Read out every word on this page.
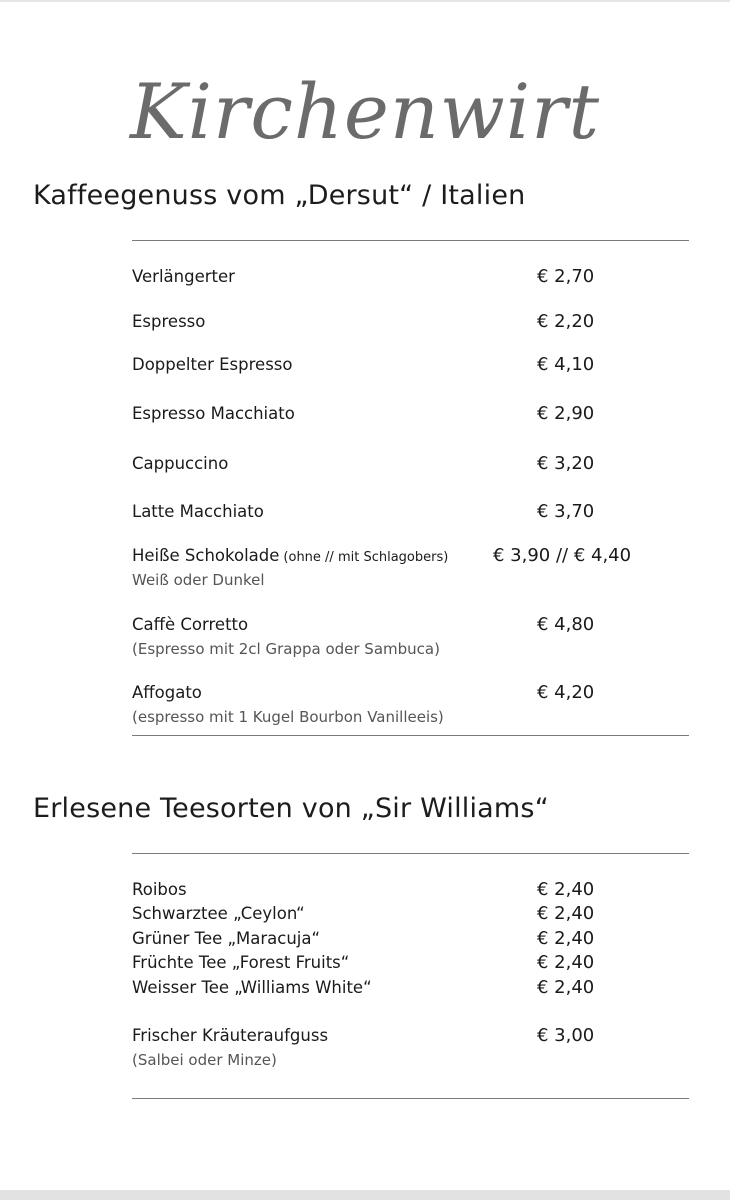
Kirchenwirt
Kaffeegenuss vom „Dersut“ / Italien
Verlängerter	€ 2,70
Espresso	€ 2,20
Doppelter Espresso	€ 4,10
Espresso Macchiato	€ 2,90
Cappuccino	€ 3,20
Latte Macchiato	€ 3,70
Heiße Schokolade (ohne // mit Schlagobers) € 3,90 // € 4,40
Weiß oder Dunkel
Caffè Corretto	€ 4,80
(Espresso mit 2cl Grappa oder Sambuca)
Affogato	€ 4,20
(espresso mit 1 Kugel Bourbon Vanilleeis)
Erlesene Teesorten von „Sir Williams“
Roibos	€ 2,40
Schwarztee „Ceylon“	€ 2,40
Grüner Tee „Maracuja“	€ 2,40
Früchte Tee „Forest Fruits“	€ 2,40
Weisser Tee „Williams White“	€ 2,40
Frischer Kräuteraufguss	€ 3,00
(Salbei oder Minze)
